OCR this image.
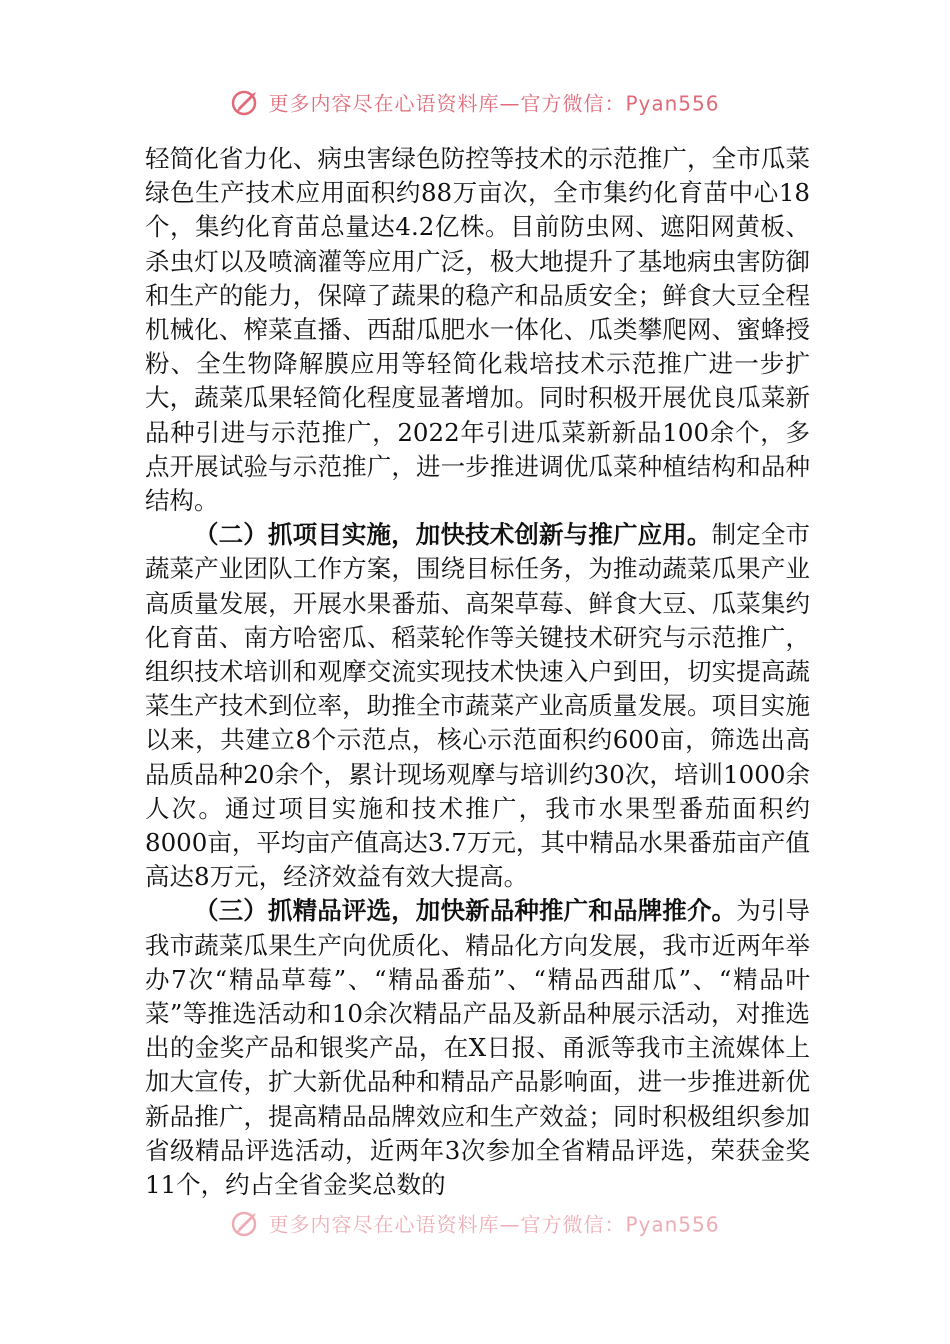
更多内容尽在心语资料库—官方微信：Pyan556

轻简化省力化、病虫害绿色防控等技术的示范推广，全市瓜菜绿色生产技术应用面积约88万亩次，全市集约化育苗中心18个，集约化育苗总量达4.2亿株。目前防虫网、遮阳网黄板、杀虫灯以及喷滴灌等应用广泛，极大地提升了基地病虫害防御和生产的能力，保障了蔬果的稳产和品质安全；鲜食大豆全程机械化、榨菜直播、西甜瓜肥水一体化、瓜类攀爬网、蜜蜂授粉、全生物降解膜应用等轻简化栽培技术示范推广进一步扩大，蔬菜瓜果轻简化程度显著增加。同时积极开展优良瓜菜新品种引进与示范推广，2022年引进瓜菜新新品100余个，多点开展试验与示范推广，进一步推进调优瓜菜种植结构和品种结构。

（二）抓项目实施，加快技术创新与推广应用。制定全市蔬菜产业团队工作方案，围绕目标任务，为推动蔬菜瓜果产业高质量发展，开展水果番茄、高架草莓、鲜食大豆、瓜菜集约化育苗、南方哈密瓜、稻菜轮作等关键技术研究与示范推广，组织技术培训和观摩交流实现技术快速入户到田，切实提高蔬菜生产技术到位率，助推全市蔬菜产业高质量发展。项目实施以来，共建立8个示范点，核心示范面积约600亩，筛选出高品质品种20余个，累计现场观摩与培训约30次，培训1000余人次。通过项目实施和技术推广，我市水果型番茄面积约8000亩，平均亩产值高达3.7万元，其中精品水果番茄亩产值高达8万元，经济效益有效大提高。

（三）抓精品评选，加快新品种推广和品牌推介。为引导我市蔬菜瓜果生产向优质化、精品化方向发展，我市近两年举办7次“精品草莓”、“精品番茄”、“精品西甜瓜”、“精品叶菜”等推选活动和10余次精品产品及新品种展示活动，对推选出的金奖产品和银奖产品，在X日报、甬派等我市主流媒体上加大宣传，扩大新优品种和精品产品影响面，进一步推进新优新品推广，提高精品品牌效应和生产效益；同时积极组织参加省级精品评选活动，近两年3次参加全省精品评选，荣获金奖11个，约占全省金奖总数的

更多内容尽在心语资料库—官方微信：Pyan556
